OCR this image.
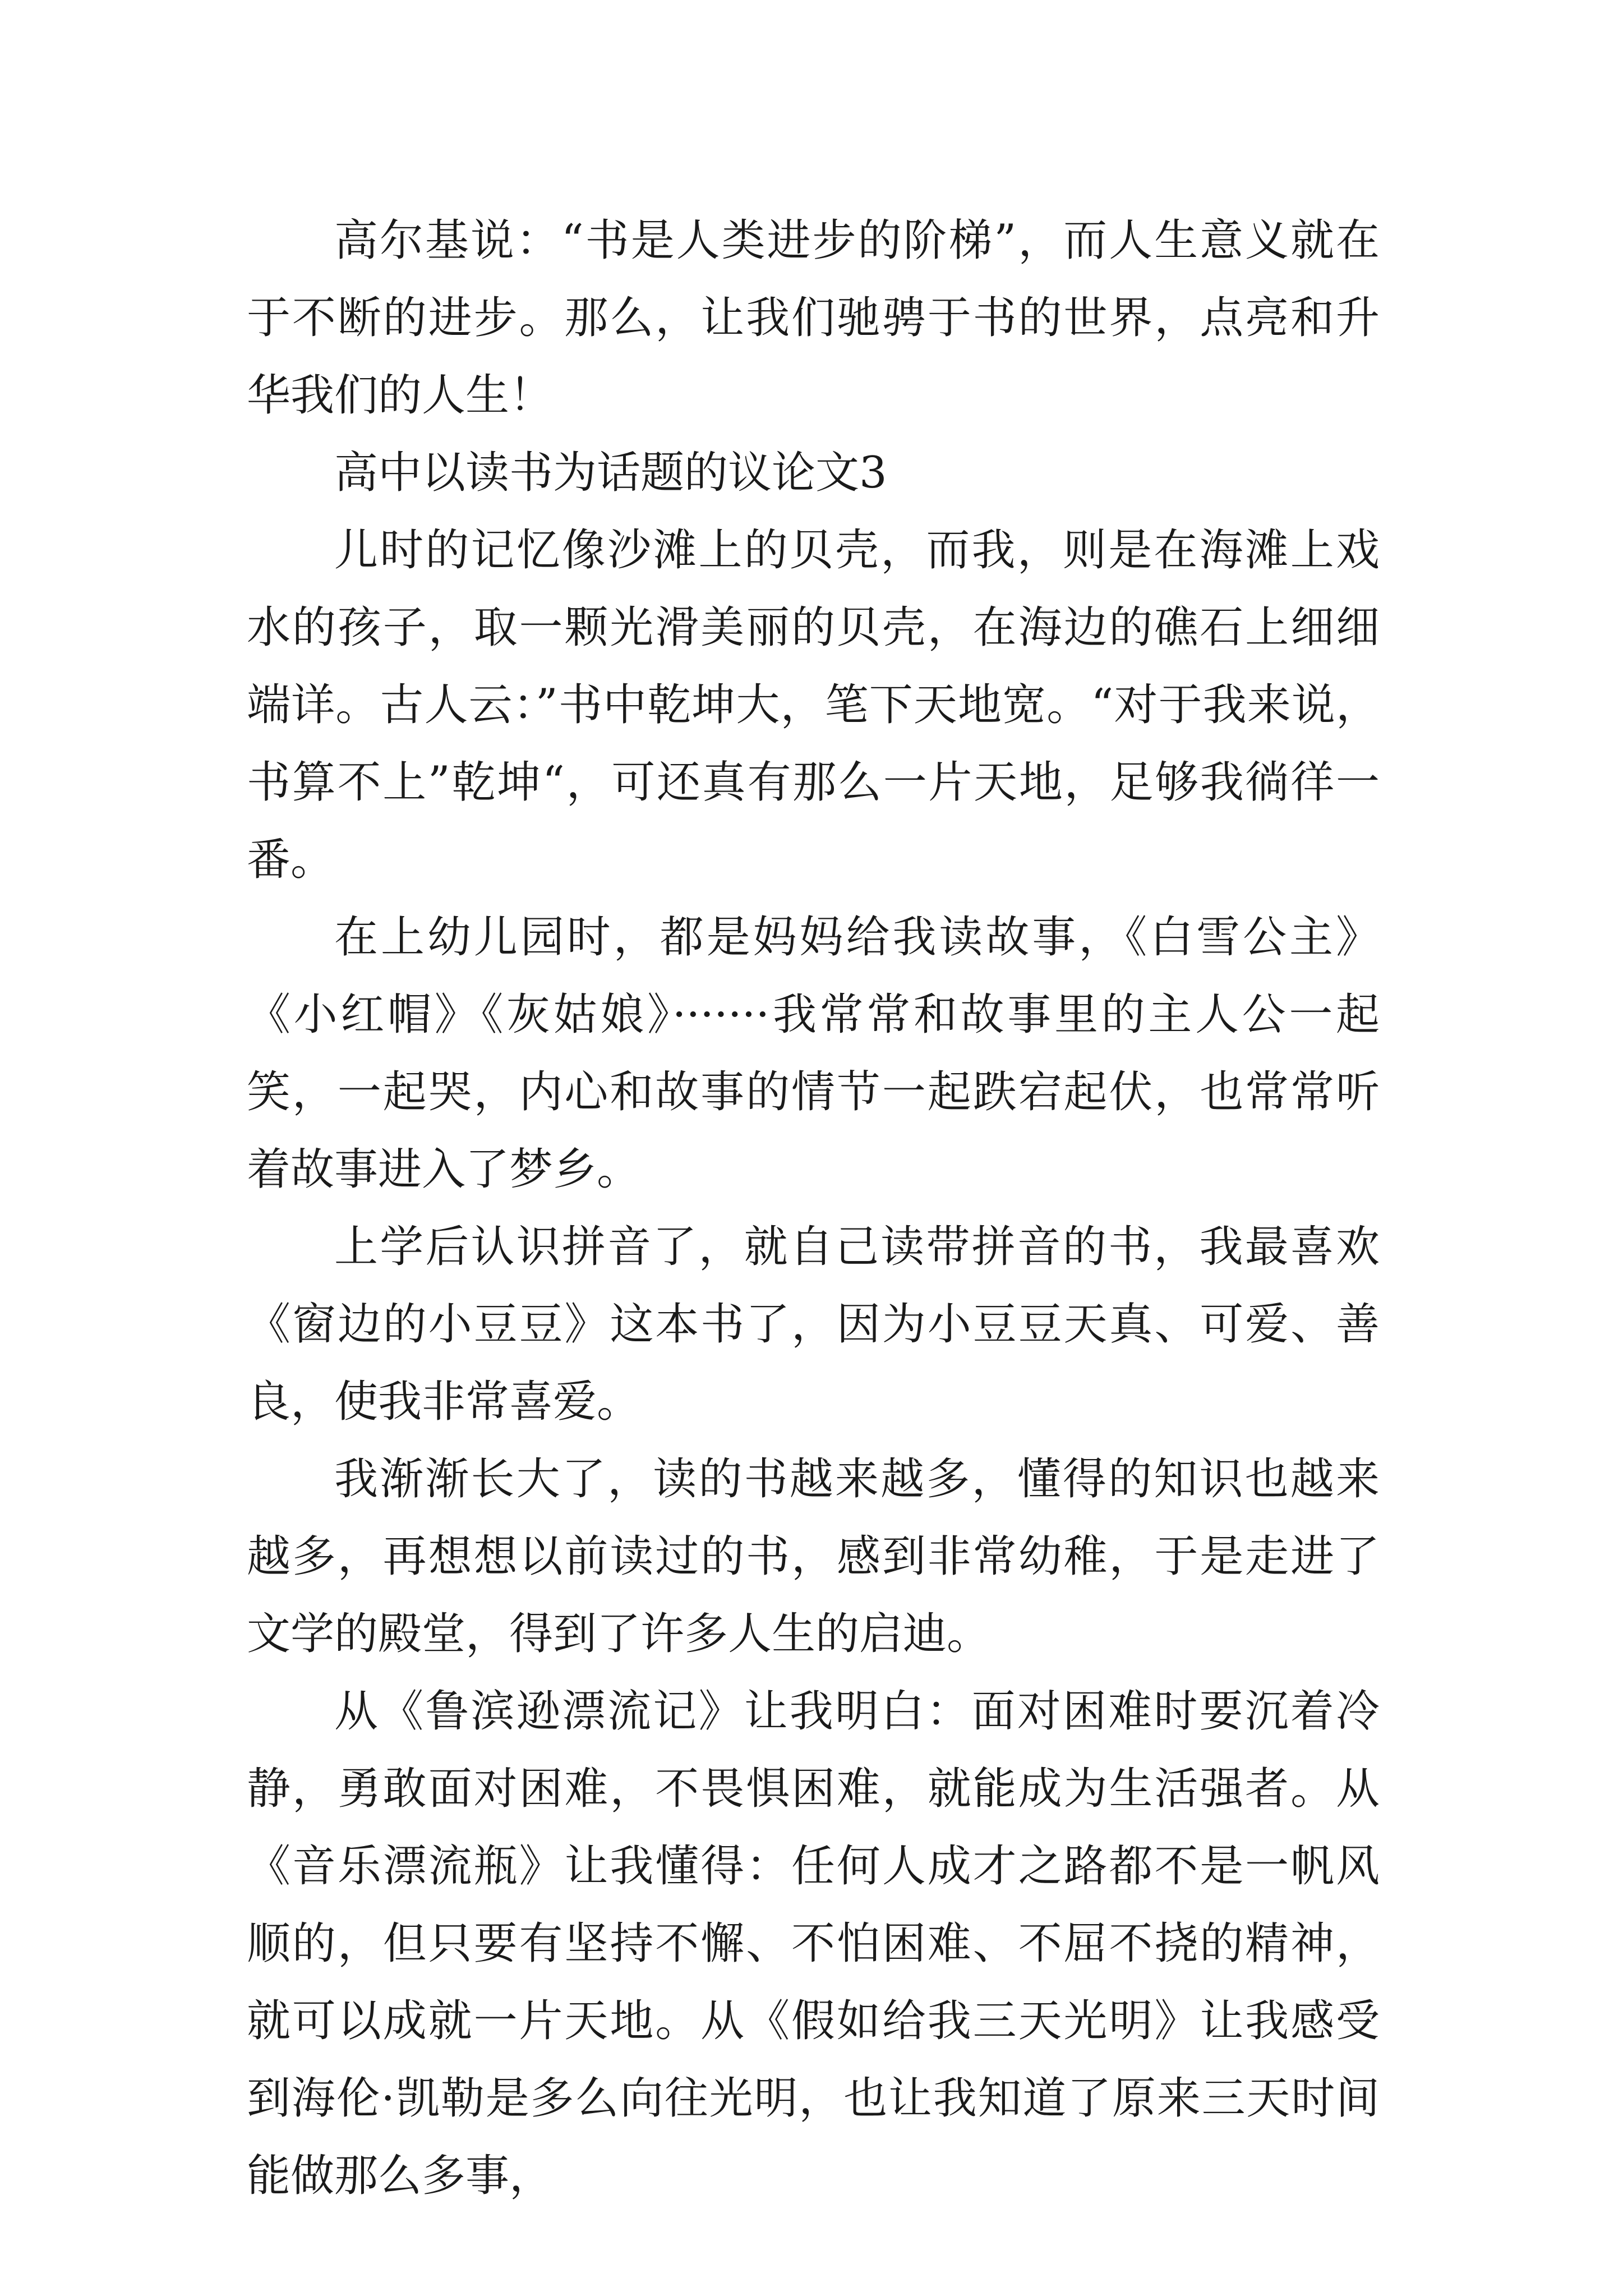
高尔基说：“书是人类进步的阶梯”，而人生意义就在于不断的进步。那么，让我们驰骋于书的世界，点亮和升华我们的人生！

高中以读书为话题的议论文3

儿时的记忆像沙滩上的贝壳，而我，则是在海滩上戏水的孩子，取一颗光滑美丽的贝壳，在海边的礁石上细细端详。古人云：”书中乾坤大，笔下天地宽。“对于我来说，书算不上”乾坤“，可还真有那么一片天地，足够我徜徉一番。

在上幼儿园时，都是妈妈给我读故事，《白雪公主》《小红帽》《灰姑娘》·······我常常和故事里的主人公一起笑，一起哭，内心和故事的情节一起跌宕起伏，也常常听着故事进入了梦乡。

上学后认识拼音了，就自己读带拼音的书，我最喜欢《窗边的小豆豆》这本书了，因为小豆豆天真、可爱、善良，使我非常喜爱。

我渐渐长大了，读的书越来越多，懂得的知识也越来越多，再想想以前读过的书，感到非常幼稚，于是走进了文学的殿堂，得到了许多人生的启迪。

从《鲁滨逊漂流记》让我明白：面对困难时要沉着冷静，勇敢面对困难，不畏惧困难，就能成为生活强者。从《音乐漂流瓶》让我懂得：任何人成才之路都不是一帆风顺的，但只要有坚持不懈、不怕困难、不屈不挠的精神，就可以成就一片天地。从《假如给我三天光明》让我感受到海伦·凯勒是多么向往光明，也让我知道了原来三天时间能做那么多事，
